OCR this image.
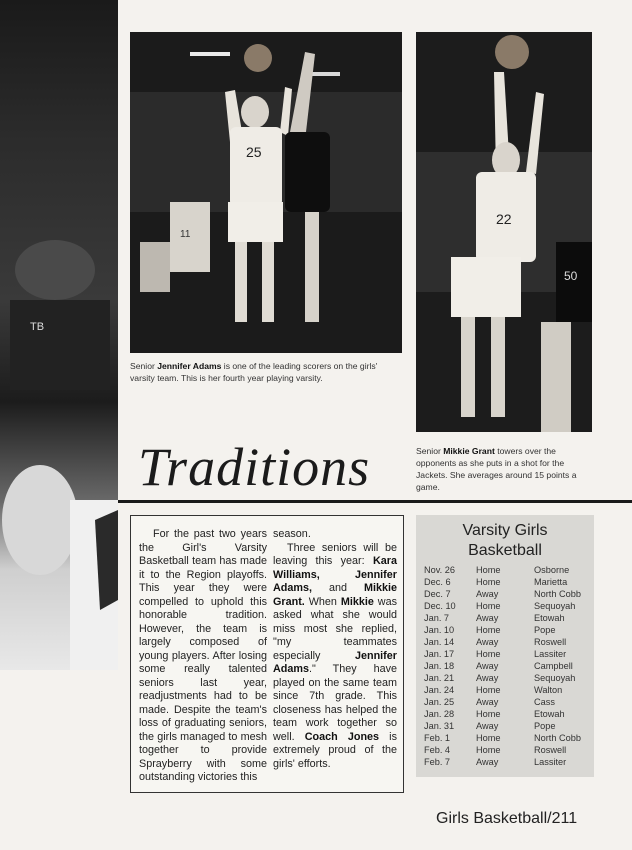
TB
25
11
22
50
Senior Jennifer Adams is one of the leading scorers on the girls' varsity team. This is her fourth year playing varsity.
Senior Mikkie Grant towers over the opponents as she puts in a shot for the Jackets. She averages around 15 points a game.
Traditions
For the past two years the Girl's Varsity Basketball team has made it to the Region playoffs. This year they were compelled to uphold this honorable tradition. However, the team is largely composed of young players. After losing some really talented seniors last year, readjustments had to be made. Despite the team's loss of graduating seniors, the girls managed to mesh together to provide Sprayberry with some outstanding victories this
season.
Three seniors will be leaving this year: Kara Williams, Jennifer Adams, and Mikkie Grant. When Mikkie was asked what she would miss most she replied, "my teammates especially Jennifer Adams." They have played on the same team since 7th grade. This closeness has helped the team work together so well. Coach Jones is extremely proud of the girls' efforts.
Varsity Girls
Basketball
Nov. 26 Home	Osborne
Dec. 6	Home	Marietta
Dec. 7	Away	North Cobb
Dec. 10 Home	Sequoyah
Jan. 7	Away	Etowah
Jan. 10 Home	Pope
Jan. 14 Away	Roswell
Jan. 17 Home	Lassiter
Jan. 18 Away	Campbell
Jan. 21 Away	Sequoyah
Jan. 24 Home	Walton
Jan. 25 Away	Cass
Jan. 28 Home	Etowah
Jan. 31 Away	Pope
Feb. 1	Home	North Cobb
Feb. 4	Home	Roswell
Feb. 7	Away	Lassiter
Girls Basketball/211
